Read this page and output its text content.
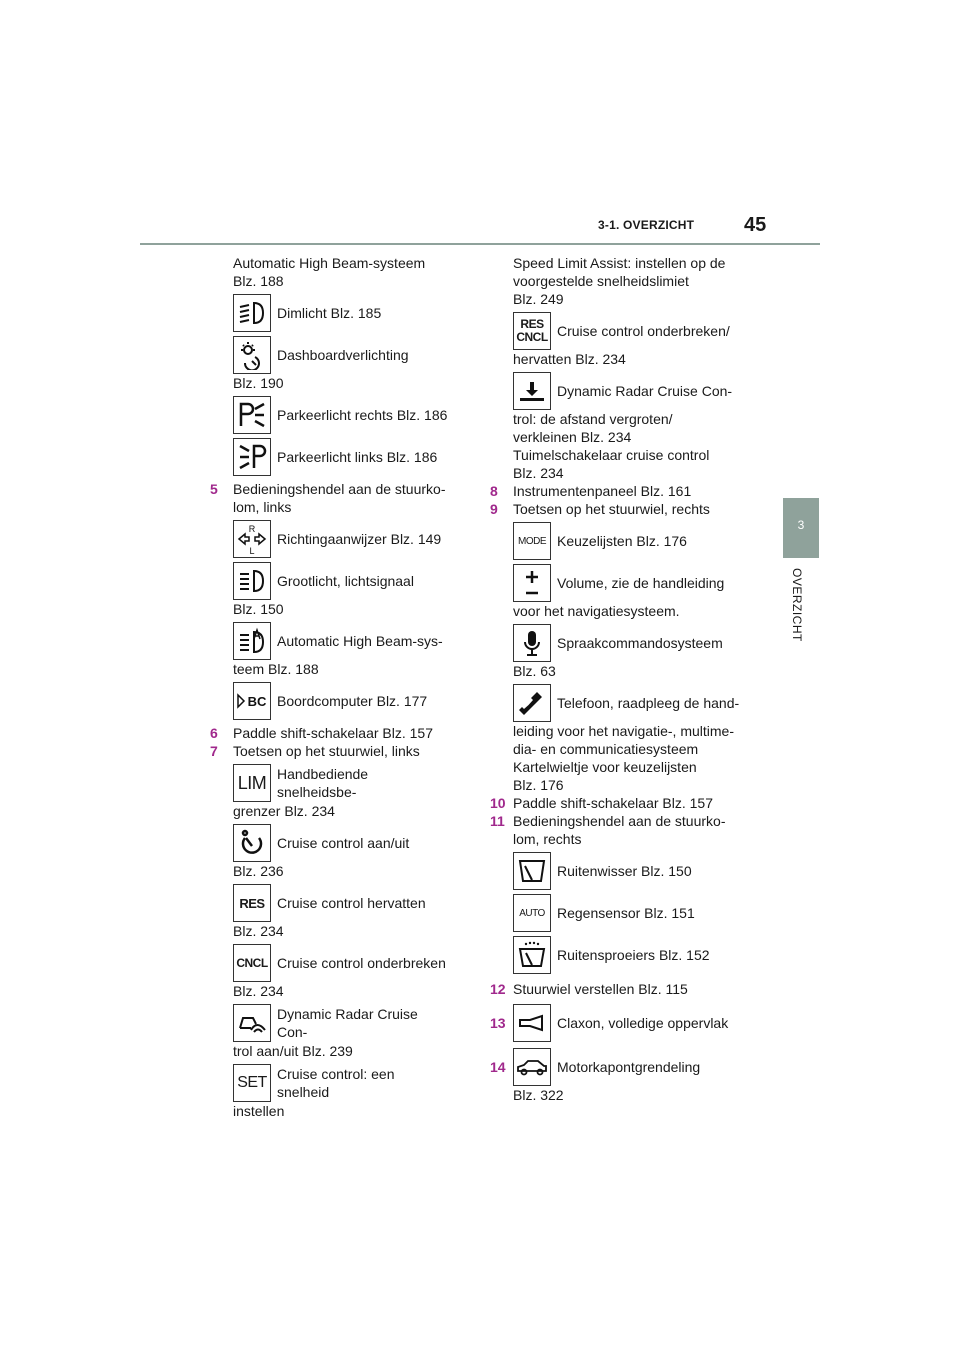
3-1. OVERZICHT 45
3
OVERZICHT
Automatic High Beam-systeem
Blz. 188
Dimlicht Blz. 185
Dashboardverlichting
Blz. 190
Parkeerlicht rechts Blz. 186
Parkeerlicht links Blz. 186
5	Bedieningshendel aan de stuurko-
lom, links
R
L
Richtingaanwijzer Blz. 149
Grootlicht, lichtsignaal
Blz. 150
Automatic High Beam-sys-
teem Blz. 188
BC Boordcomputer Blz. 177
6	Paddle shift-schakelaar Blz. 157
7	Toetsen op het stuurwiel, links
LIM Handbediende snelheidsbe-
grenzer Blz. 234
Cruise control aan/uit
Blz. 236
RES Cruise control hervatten
Blz. 234
CNCL Cruise control onderbreken
Blz. 234
Dynamic Radar Cruise Con-
trol aan/uit Blz. 239
SET Cruise control: een snelheid
instellen
Speed Limit Assist: instellen op de
voorgestelde snelheidslimiet
Blz. 249
RES
CNCL Cruise control onderbreken/
hervatten Blz. 234
Dynamic Radar Cruise Con-
trol: de afstand vergroten/
verkleinen Blz. 234
Tuimelschakelaar cruise control
Blz. 234
8	Instrumentenpaneel Blz. 161
9	Toetsen op het stuurwiel, rechts
MODE Keuzelijsten Blz. 176
Volume, zie de handleiding
voor het navigatiesysteem.
Spraakcommandosysteem
Blz. 63
Telefoon, raadpleeg de hand-
leiding voor het navigatie-, multime-
dia- en communicatiesysteem
Kartelwieltje voor keuzelijsten
Blz. 176
10 Paddle shift-schakelaar Blz. 157
11 Bedieningshendel aan de stuurko-
lom, rechts
Ruitenwisser Blz. 150
AUTO Regensensor Blz. 151
Ruitensproeiers Blz. 152
12 Stuurwiel verstellen Blz. 115
13	Claxon, volledige oppervlak
14	Motorkapontgrendeling
Blz. 322
